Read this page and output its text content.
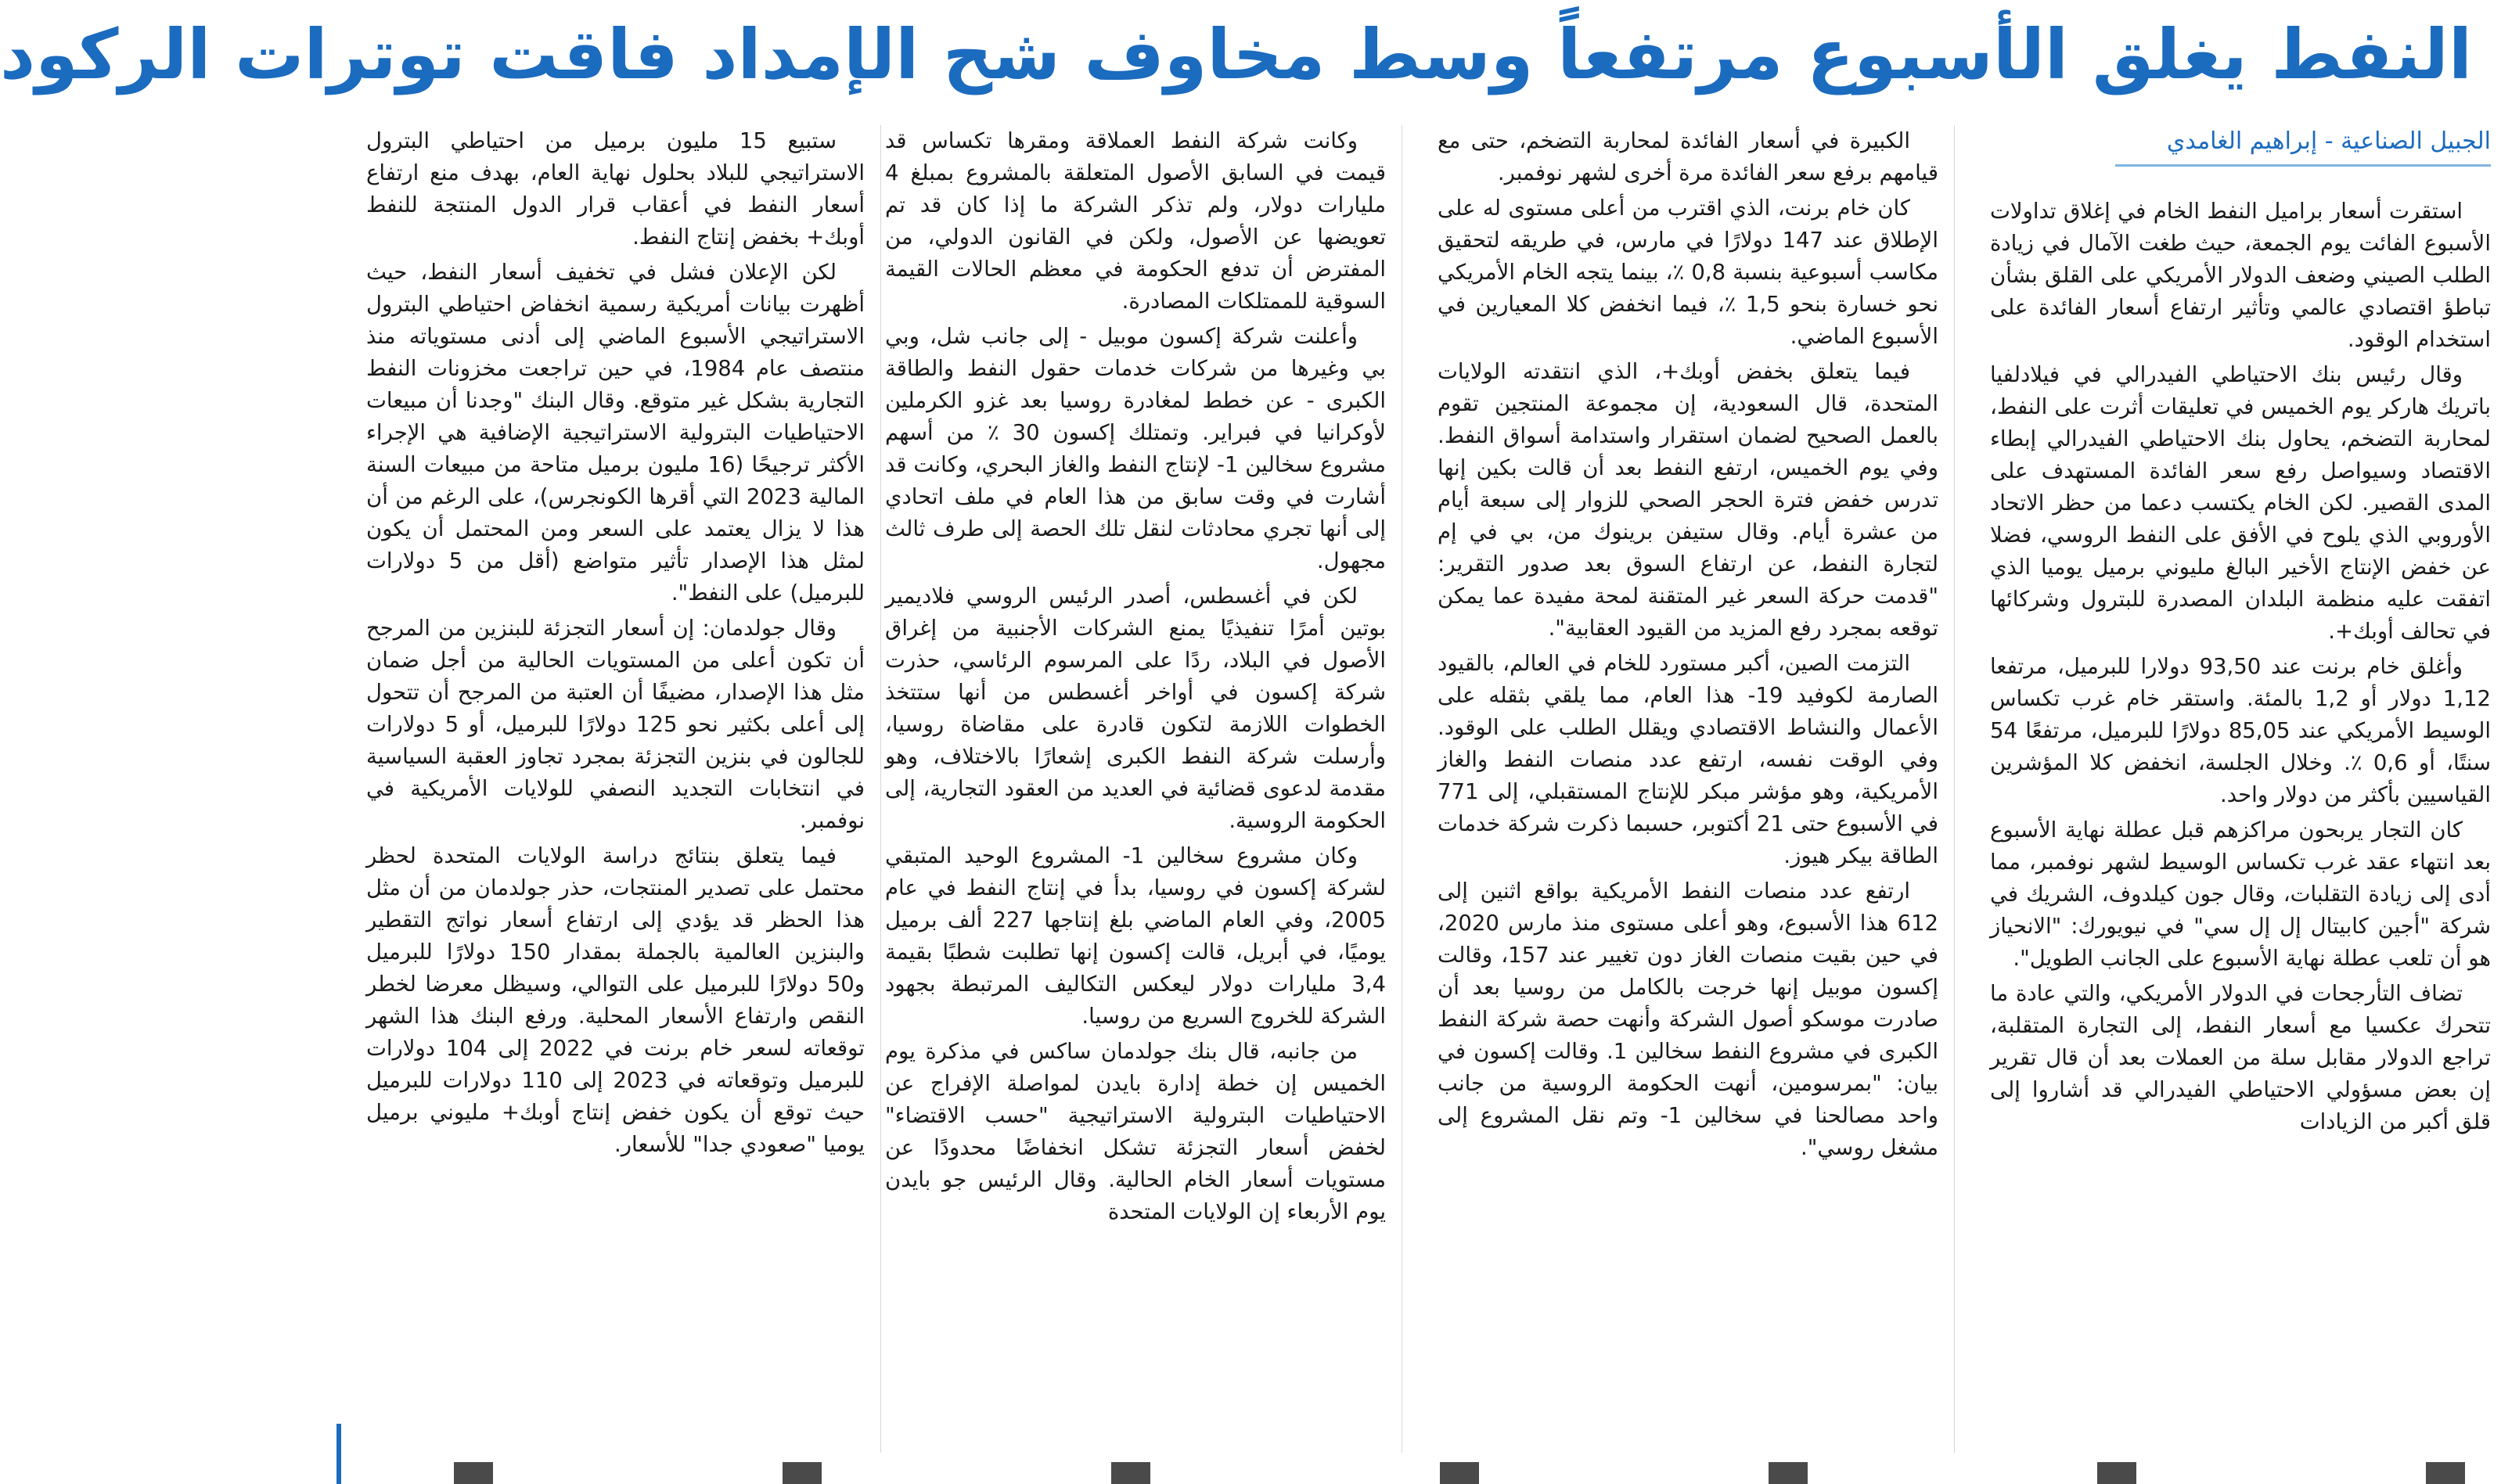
النفط يغلق الأسبوع مرتفعاً وسط مخاوف شح الإمداد فاقت توترات الركود
الجبيل الصناعية - إبراهيم الغامدي

استقرت أسعار براميل النفط الخام في إغلاق تداولات الأسبوع الفائت يوم الجمعة، حيث طغت الآمال في زيادة الطلب الصيني وضعف الدولار الأمريكي على القلق بشأن تباطؤ اقتصادي عالمي وتأثير ارتفاع أسعار الفائدة على استخدام الوقود.

وقال رئيس بنك الاحتياطي الفيدرالي في فيلادلفيا باتريك هاركر يوم الخميس في تعليقات أثرت على النفط، لمحاربة التضخم، يحاول بنك الاحتياطي الفيدرالي إبطاء الاقتصاد وسيواصل رفع سعر الفائدة المستهدف على المدى القصير. لكن الخام يكتسب دعما من حظر الاتحاد الأوروبي الذي يلوح في الأفق على النفط الروسي، فضلا عن خفض الإنتاج الأخير البالغ مليوني برميل يوميا الذي اتفقت عليه منظمة البلدان المصدرة للبترول وشركائها في تحالف أوبك+.

وأغلق خام برنت عند 93,50 دولارا للبرميل، مرتفعا 1,12 دولار أو 1,2 بالمئة. واستقر خام غرب تكساس الوسيط الأمريكي عند 85,05 دولارًا للبرميل، مرتفعًا 54 سنتًا، أو 0,6 ٪. وخلال الجلسة، انخفض كلا المؤشرين القياسيين بأكثر من دولار واحد.

كان التجار يربحون مراكزهم قبل عطلة نهاية الأسبوع بعد انتهاء عقد غرب تكساس الوسيط لشهر نوفمبر، مما أدى إلى زيادة التقلبات، وقال جون كيلدوف، الشريك في شركة "أجين كابيتال إل إل سي" في نيويورك: "الانحياز هو أن تلعب عطلة نهاية الأسبوع على الجانب الطويل".

تضاف التأرجحات في الدولار الأمريكي، والتي عادة ما تتحرك عكسيا مع أسعار النفط، إلى التجارة المتقلبة، تراجع الدولار مقابل سلة من العملات بعد أن قال تقرير إن بعض مسؤولي الاحتياطي الفيدرالي قد أشاروا إلى قلق أكبر من الزيادات

الكبيرة في أسعار الفائدة لمحاربة التضخم، حتى مع قيامهم برفع سعر الفائدة مرة أخرى لشهر نوفمبر.

كان خام برنت، الذي اقترب من أعلى مستوى له على الإطلاق عند 147 دولارًا في مارس، في طريقه لتحقيق مكاسب أسبوعية بنسبة 0,8 ٪، بينما يتجه الخام الأمريكي نحو خسارة بنحو 1,5 ٪، فيما انخفض كلا المعيارين في الأسبوع الماضي.

فيما يتعلق بخفض أوبك+، الذي انتقدته الولايات المتحدة، قال السعودية، إن مجموعة المنتجين تقوم بالعمل الصحيح لضمان استقرار واستدامة أسواق النفط. وفي يوم الخميس، ارتفع النفط بعد أن قالت بكين إنها تدرس خفض فترة الحجر الصحي للزوار إلى سبعة أيام من عشرة أيام. وقال ستيفن برينوك من، بي في إم لتجارة النفط، عن ارتفاع السوق بعد صدور التقرير: "قدمت حركة السعر غير المتقنة لمحة مفيدة عما يمكن توقعه بمجرد رفع المزيد من القيود العقابية".

التزمت الصين، أكبر مستورد للخام في العالم، بالقيود الصارمة لكوفيد 19- هذا العام، مما يلقي بثقله على الأعمال والنشاط الاقتصادي ويقلل الطلب على الوقود. وفي الوقت نفسه، ارتفع عدد منصات النفط والغاز الأمريكية، وهو مؤشر مبكر للإنتاج المستقبلي، إلى 771 في الأسبوع حتى 21 أكتوبر، حسبما ذكرت شركة خدمات الطاقة بيكر هيوز.

ارتفع عدد منصات النفط الأمريكية بواقع اثنين إلى 612 هذا الأسبوع، وهو أعلى مستوى منذ مارس 2020، في حين بقيت منصات الغاز دون تغيير عند 157، وقالت إكسون موبيل إنها خرجت بالكامل من روسيا بعد أن صادرت موسكو أصول الشركة وأنهت حصة شركة النفط الكبرى في مشروع النفط سخالين 1. وقالت إكسون في بيان: "بمرسومين، أنهت الحكومة الروسية من جانب واحد مصالحنا في سخالين 1- وتم نقل المشروع إلى مشغل روسي".

وكانت شركة النفط العملاقة ومقرها تكساس قد قيمت في السابق الأصول المتعلقة بالمشروع بمبلغ 4 مليارات دولار، ولم تذكر الشركة ما إذا كان قد تم تعويضها عن الأصول، ولكن في القانون الدولي، من المفترض أن تدفع الحكومة في معظم الحالات القيمة السوقية للممتلكات المصادرة.

وأعلنت شركة إكسون موبيل - إلى جانب شل، وبي بي وغيرها من شركات خدمات حقول النفط والطاقة الكبرى - عن خطط لمغادرة روسيا بعد غزو الكرملين لأوكرانيا في فبراير. وتمتلك إكسون 30 ٪ من أسهم مشروع سخالين 1- لإنتاج النفط والغاز البحري، وكانت قد أشارت في وقت سابق من هذا العام في ملف اتحادي إلى أنها تجري محادثات لنقل تلك الحصة إلى طرف ثالث مجهول.

لكن في أغسطس، أصدر الرئيس الروسي فلاديمير بوتين أمرًا تنفيذيًا يمنع الشركات الأجنبية من إغراق الأصول في البلاد، ردًا على المرسوم الرئاسي، حذرت شركة إكسون في أواخر أغسطس من أنها ستتخذ الخطوات اللازمة لتكون قادرة على مقاضاة روسيا، وأرسلت شركة النفط الكبرى إشعارًا بالاختلاف، وهو مقدمة لدعوى قضائية في العديد من العقود التجارية، إلى الحكومة الروسية.

وكان مشروع سخالين 1- المشروع الوحيد المتبقي لشركة إكسون في روسيا، بدأ في إنتاج النفط في عام 2005، وفي العام الماضي بلغ إنتاجها 227 ألف برميل يوميًا، في أبريل، قالت إكسون إنها تطلبت شطبًا بقيمة 3,4 مليارات دولار ليعكس التكاليف المرتبطة بجهود الشركة للخروج السريع من روسيا.

من جانبه، قال بنك جولدمان ساكس في مذكرة يوم الخميس إن خطة إدارة بايدن لمواصلة الإفراج عن الاحتياطيات البترولية الاستراتيجية "حسب الاقتضاء" لخفض أسعار التجزئة تشكل انخفاضًا محدودًا عن مستويات أسعار الخام الحالية. وقال الرئيس جو بايدن يوم الأربعاء إن الولايات المتحدة

ستبيع 15 مليون برميل من احتياطي البترول الاستراتيجي للبلاد بحلول نهاية العام، بهدف منع ارتفاع أسعار النفط في أعقاب قرار الدول المنتجة للنفط أوبك+ بخفض إنتاج النفط.

لكن الإعلان فشل في تخفيف أسعار النفط، حيث أظهرت بيانات أمريكية رسمية انخفاض احتياطي البترول الاستراتيجي الأسبوع الماضي إلى أدنى مستوياته منذ منتصف عام 1984، في حين تراجعت مخزونات النفط التجارية بشكل غير متوقع. وقال البنك "وجدنا أن مبيعات الاحتياطيات البترولية الاستراتيجية الإضافية هي الإجراء الأكثر ترجيحًا (16 مليون برميل متاحة من مبيعات السنة المالية 2023 التي أقرها الكونجرس)، على الرغم من أن هذا لا يزال يعتمد على السعر ومن المحتمل أن يكون لمثل هذا الإصدار تأثير متواضع (أقل من 5 دولارات للبرميل) على النفط".

وقال جولدمان: إن أسعار التجزئة للبنزين من المرجح أن تكون أعلى من المستويات الحالية من أجل ضمان مثل هذا الإصدار، مضيفًا أن العتبة من المرجح أن تتحول إلى أعلى بكثير نحو 125 دولارًا للبرميل، أو 5 دولارات للجالون في بنزين التجزئة بمجرد تجاوز العقبة السياسية في انتخابات التجديد النصفي للولايات الأمريكية في نوفمبر.

فيما يتعلق بنتائج دراسة الولايات المتحدة لحظر محتمل على تصدير المنتجات، حذر جولدمان من أن مثل هذا الحظر قد يؤدي إلى ارتفاع أسعار نواتج التقطير والبنزين العالمية بالجملة بمقدار 150 دولارًا للبرميل و50 دولارًا للبرميل على التوالي، وسيظل معرضا لخطر النقص وارتفاع الأسعار المحلية. ورفع البنك هذا الشهر توقعاته لسعر خام برنت في 2022 إلى 104 دولارات للبرميل وتوقعاته في 2023 إلى 110 دولارات للبرميل حيث توقع أن يكون خفض إنتاج أوبك+ مليوني برميل يوميا "صعودي جدا" للأسعار.
